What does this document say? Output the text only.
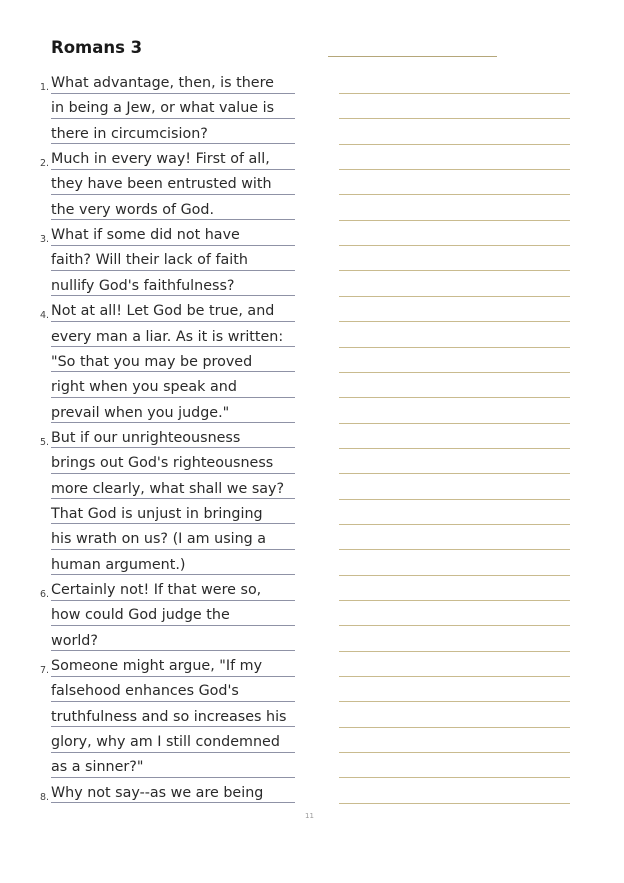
Romans 3
1. What advantage, then, is there
in being a Jew, or what value is
there in circumcision?
2. Much in every way! First of all,
they have been entrusted with
the very words of God.
3. What if some did not have
faith? Will their lack of faith
nullify God's faithfulness?
4. Not at all! Let God be true, and
every man a liar. As it is written:
"So that you may be proved
right when you speak and
prevail when you judge."
5. But if our unrighteousness
brings out God's righteousness
more clearly, what shall we say?
That God is unjust in bringing
his wrath on us? (I am using a
human argument.)
6. Certainly not! If that were so,
how could God judge the
world?
7. Someone might argue, "If my
falsehood enhances God's
truthfulness and so increases his
glory, why am I still condemned
as a sinner?"
8. Why not say--as we are being
11
